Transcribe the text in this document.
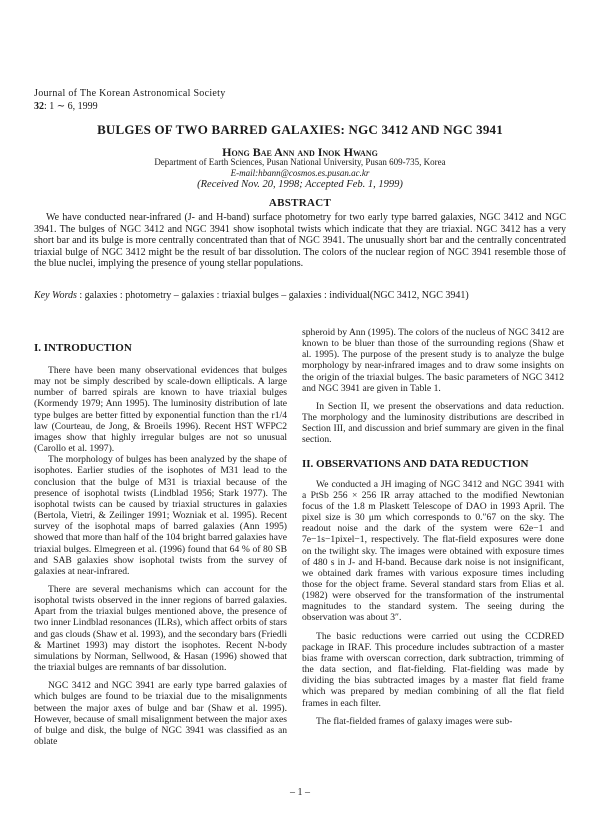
Journal of The Korean Astronomical Society
32: 1 ∼ 6, 1999
BULGES OF TWO BARRED GALAXIES: NGC 3412 AND NGC 3941
Hong Bae Ann and Inok Hwang
Department of Earth Sciences, Pusan National University, Pusan 609-735, Korea
E-mail:hbann@cosmos.es.pusan.ac.kr
(Received Nov. 20, 1998; Accepted Feb. 1, 1999)
ABSTRACT

We have conducted near-infrared (J- and H-band) surface photometry for two early type barred galaxies, NGC 3412 and NGC 3941. The bulges of NGC 3412 and NGC 3941 show isophotal twists which indicate that they are triaxial. NGC 3412 has a very short bar and its bulge is more centrally concentrated than that of NGC 3941. The unusually short bar and the centrally concentrated triaxial bulge of NGC 3412 might be the result of bar dissolution. The colors of the nuclear region of NGC 3941 resemble those of the blue nuclei, implying the presence of young stellar populations.

Key Words : galaxies : photometry – galaxies : triaxial bulges – galaxies : individual(NGC 3412, NGC 3941)

I. INTRODUCTION

There have been many observational evidences that bulges may not be simply described by scale-down ellipticals. A large number of barred spirals are known to have triaxial bulges (Kormendy 1979; Ann 1995). The luminosity distribution of late type bulges are better fitted by exponential function than the r1/4 law (Courteau, de Jong, & Broeils 1996). Recent HST WFPC2 images show that highly irregular bulges are not so unusual (Carollo et al. 1997).

The morphology of bulges has been analyzed by the shape of isophotes. Earlier studies of the isophotes of M31 lead to the conclusion that the bulge of M31 is triaxial because of the presence of isophotal twists (Lindblad 1956; Stark 1977). The isophotal twists can be caused by triaxial structures in galaxies (Bertola, Vietri, & Zeilinger 1991; Wozniak et al. 1995). Recent survey of the isophotal maps of barred galaxies (Ann 1995) showed that more than half of the 104 bright barred galaxies have triaxial bulges. Elmegreen et al. (1996) found that 64 % of 80 SB and SAB galaxies show isophotal twists from the survey of galaxies at near-infrared.

There are several mechanisms which can account for the isophotal twists observed in the inner regions of barred galaxies. Apart from the triaxial bulges mentioned above, the presence of two inner Lindblad resonances (ILRs), which affect orbits of stars and gas clouds (Shaw et al. 1993), and the secondary bars (Friedli & Martinet 1993) may distort the isophotes. Recent N-body simulations by Norman, Sellwood, & Hasan (1996) showed that the triaxial bulges are remnants of bar dissolution.

NGC 3412 and NGC 3941 are early type barred galaxies of which bulges are found to be triaxial due to the misalignments between the major axes of bulge and bar (Shaw et al. 1995). However, because of small misalignment between the major axes of bulge and disk, the bulge of NGC 3941 was classified as an oblate

spheroid by Ann (1995). The colors of the nucleus of NGC 3412 are known to be bluer than those of the surrounding regions (Shaw et al. 1995). The purpose of the present study is to analyze the bulge morphology by near-infrared images and to draw some insights on the origin of the triaxial bulges. The basic parameters of NGC 3412 and NGC 3941 are given in Table 1.

In Section II, we present the observations and data reduction. The morphology and the luminosity distributions are described in Section III, and discussion and brief summary are given in the final section.

II. OBSERVATIONS AND DATA REDUCTION

We conducted a JH imaging of NGC 3412 and NGC 3941 with a PtSb 256 × 256 IR array attached to the modified Newtonian focus of the 1.8 m Plaskett Telescope of DAO in 1993 April. The pixel size is 30 μm which corresponds to 0.″67 on the sky. The readout noise and the dark of the system were 62e−1 and 7e−1s−1pixel−1, respectively. The flat-field exposures were done on the twilight sky. The images were obtained with exposure times of 480 s in J- and H-band. Because dark noise is not insignificant, we obtained dark frames with various exposure times including those for the object frame. Several standard stars from Elias et al. (1982) were observed for the transformation of the instrumental magnitudes to the standard system. The seeing during the observation was about 3″.

The basic reductions were carried out using the CCDRED package in IRAF. This procedure includes subtraction of a master bias frame with overscan correction, dark subtraction, trimming of the data section, and flat-fielding. Flat-fielding was made by dividing the bias subtracted images by a master flat field frame which was prepared by median combining of all the flat field frames in each filter.

The flat-fielded frames of galaxy images were sub-

– 1 –
